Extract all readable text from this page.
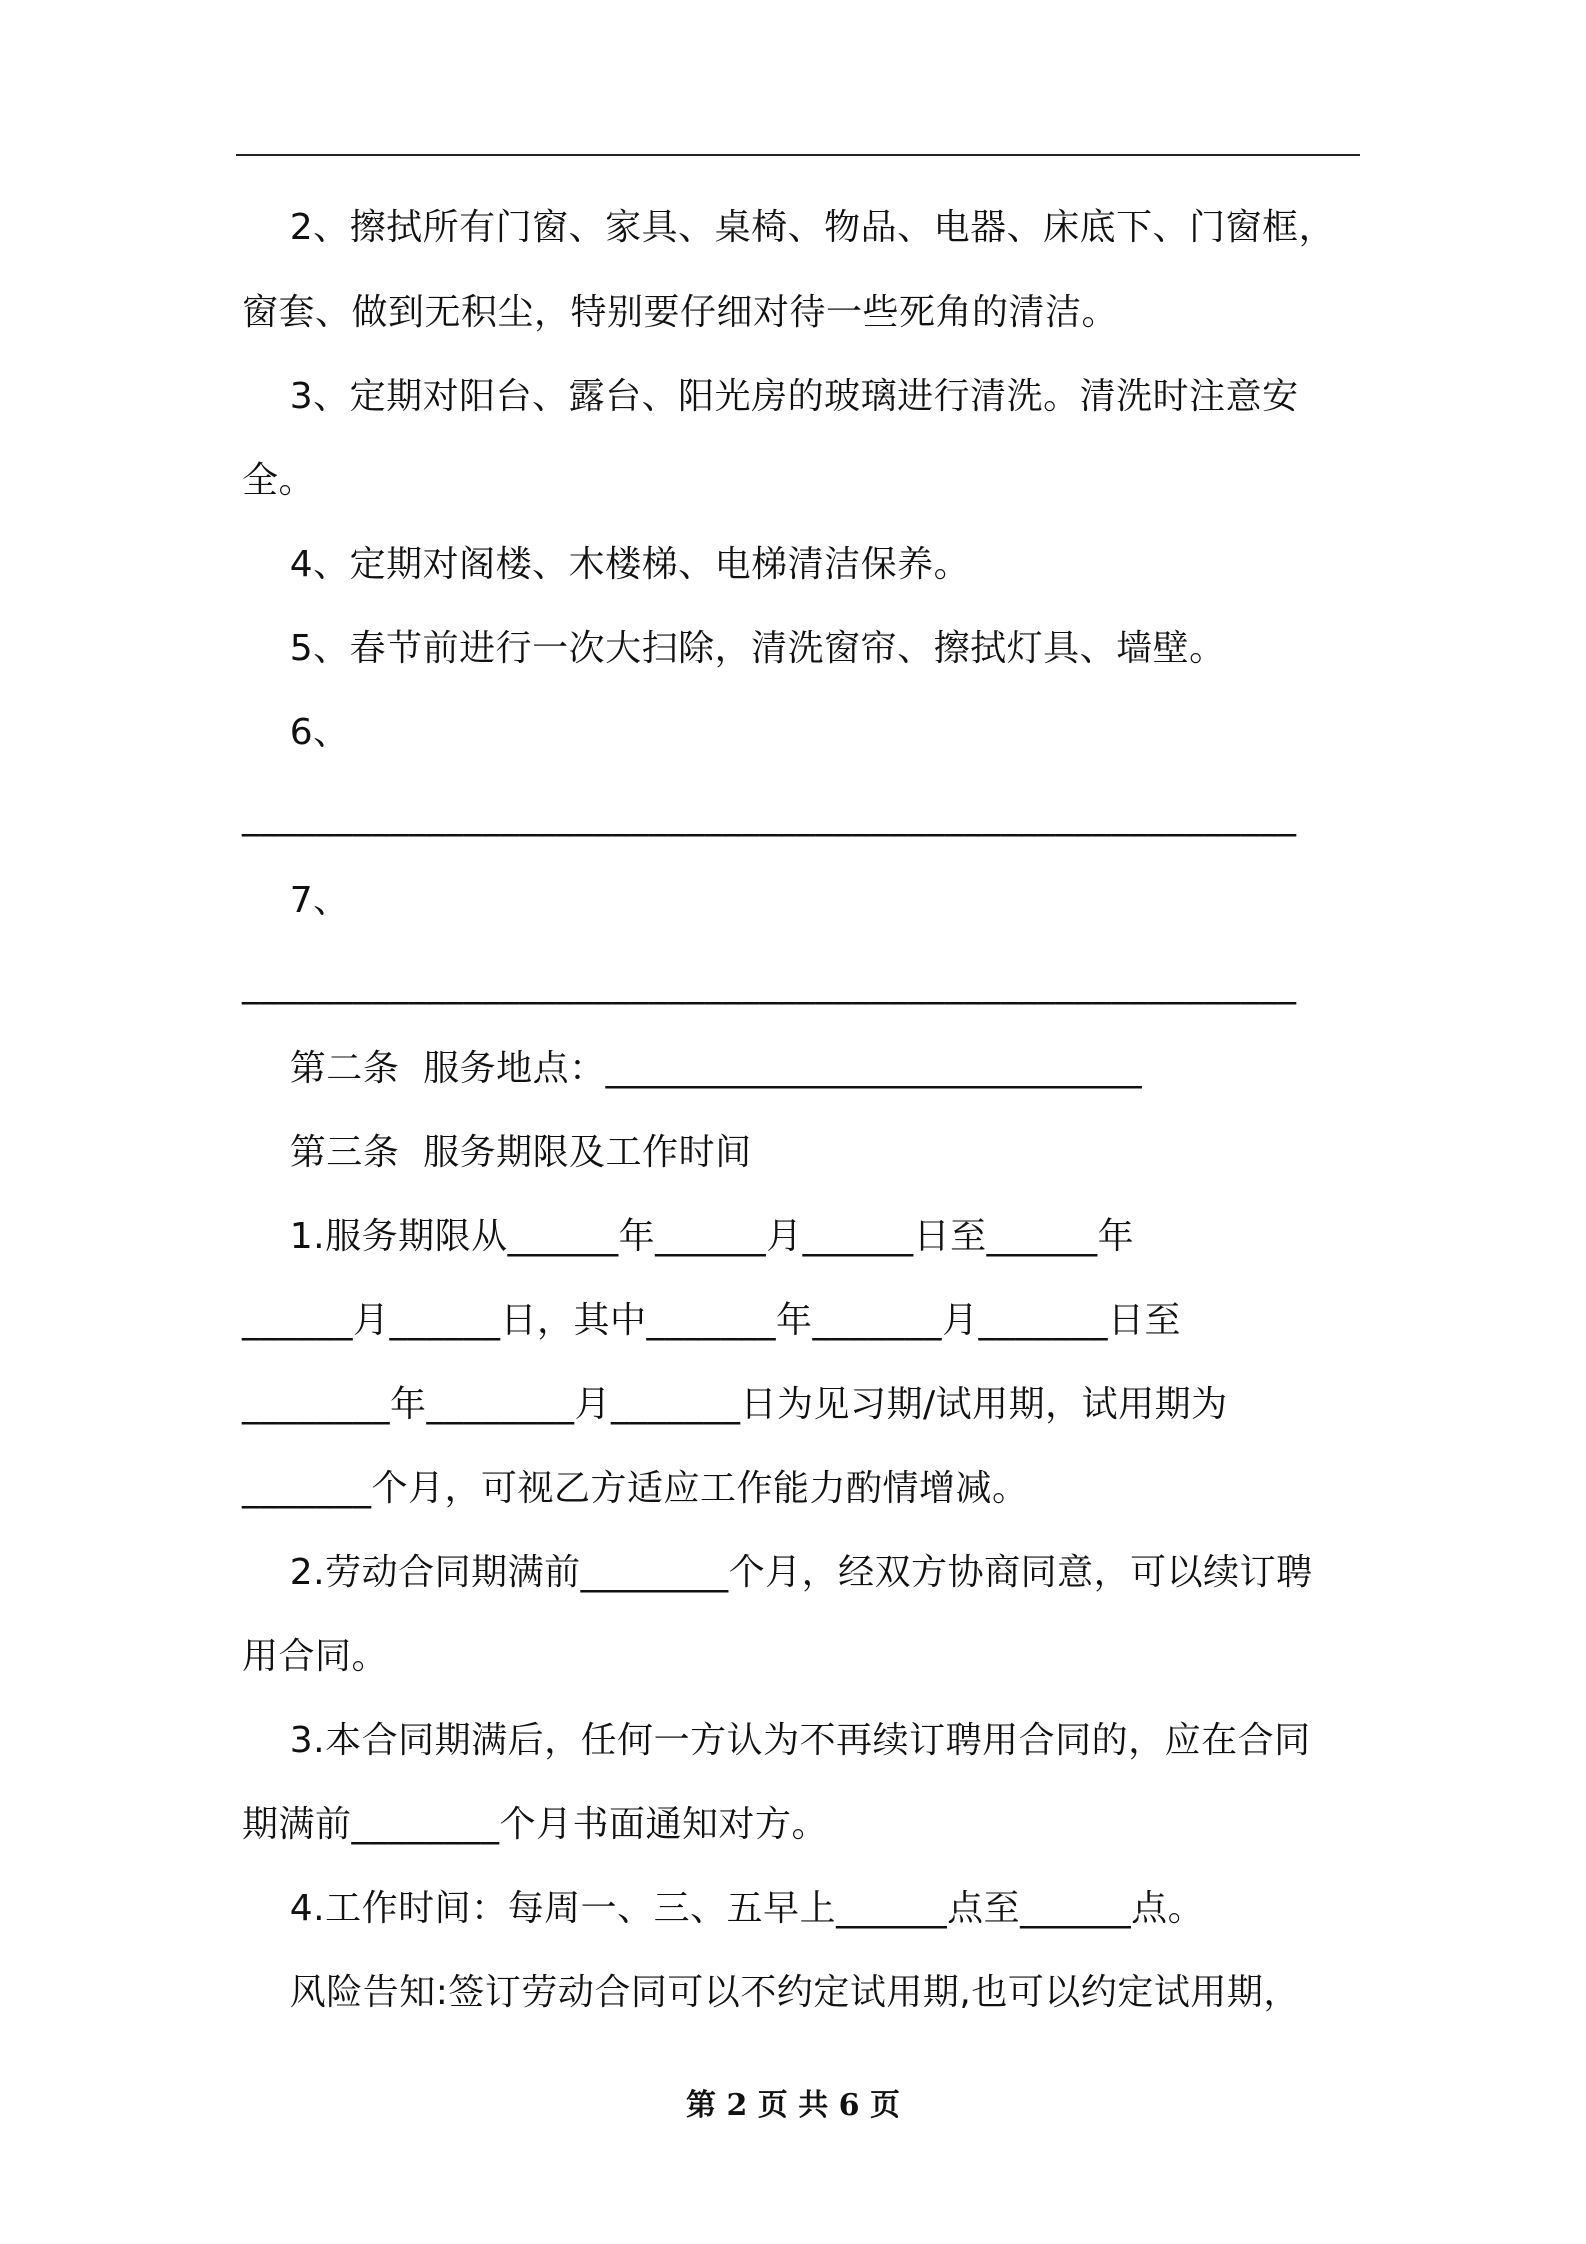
2、擦拭所有门窗、家具、桌椅、物品、电器、床底下、门窗框，
窗套、做到无积尘，特别要仔细对待一些死角的清洁。
3、定期对阳台、露台、阳光房的玻璃进行清洗。清洗时注意安
全。
4、定期对阁楼、木楼梯、电梯清洁保养。
5、春节前进行一次大扫除，清洗窗帘、擦拭灯具、墙壁。
6、
_________________________________________________________
7、
_________________________________________________________
第二条  服务地点：_____________________________
第三条  服务期限及工作时间
1.服务期限从______年______月______日至______年
______月______日，其中_______年_______月_______日至
________年________月_______日为见习期/试用期，试用期为
_______个月，可视乙方适应工作能力酌情增减。
2.劳动合同期满前________个月，经双方协商同意，可以续订聘
用合同。
3.本合同期满后，任何一方认为不再续订聘用合同的，应在合同
期满前________个月书面通知对方。
4.工作时间：每周一、三、五早上______点至______点。
风险告知:签订劳动合同可以不约定试用期,也可以约定试用期，
第 2 页 共 6 页
